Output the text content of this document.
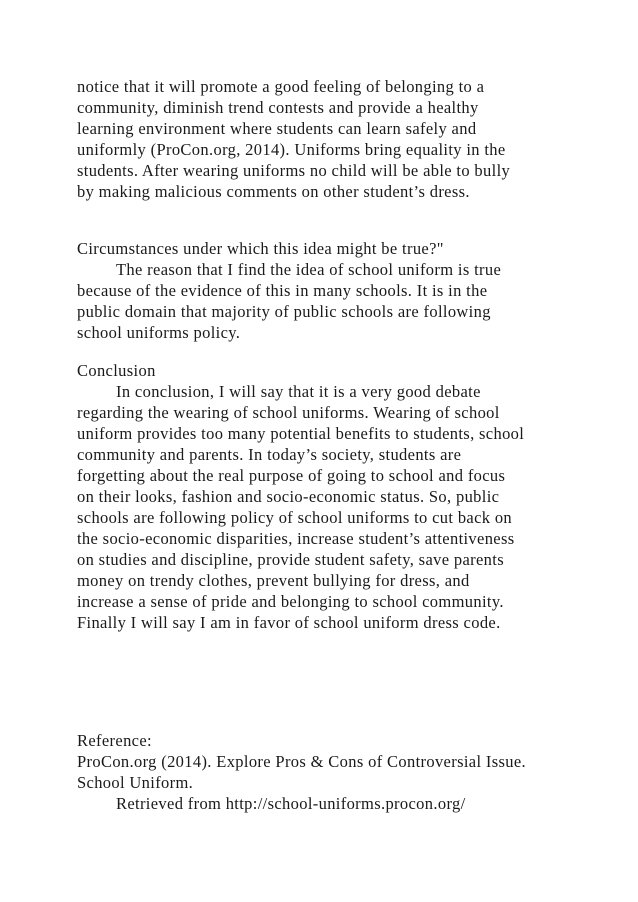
notice that it will promote a good feeling of belonging to a
community, diminish trend contests and provide a healthy
learning environment where students can learn safely and
uniformly (ProCon.org, 2014). Uniforms bring equality in the
students. After wearing uniforms no child will be able to bully
by making malicious comments on other student’s dress.
Circumstances under which this idea might be true?"
The reason that I find the idea of school uniform is true
because of the evidence of this in many schools. It is in the
public domain that majority of public schools are following
school uniforms policy.
Conclusion
In conclusion, I will say that it is a very good debate
regarding the wearing of school uniforms. Wearing of school
uniform provides too many potential benefits to students, school
community and parents. In today’s society, students are
forgetting about the real purpose of going to school and focus
on their looks, fashion and socio-economic status. So, public
schools are following policy of school uniforms to cut back on
the socio-economic disparities, increase student’s attentiveness
on studies and discipline, provide student safety, save parents
money on trendy clothes, prevent bullying for dress, and
increase a sense of pride and belonging to school community.
Finally I will say I am in favor of school uniform dress code.
Reference:
ProCon.org (2014). Explore Pros & Cons of Controversial Issue.
School Uniform.
Retrieved from http://school-uniforms.procon.org/
